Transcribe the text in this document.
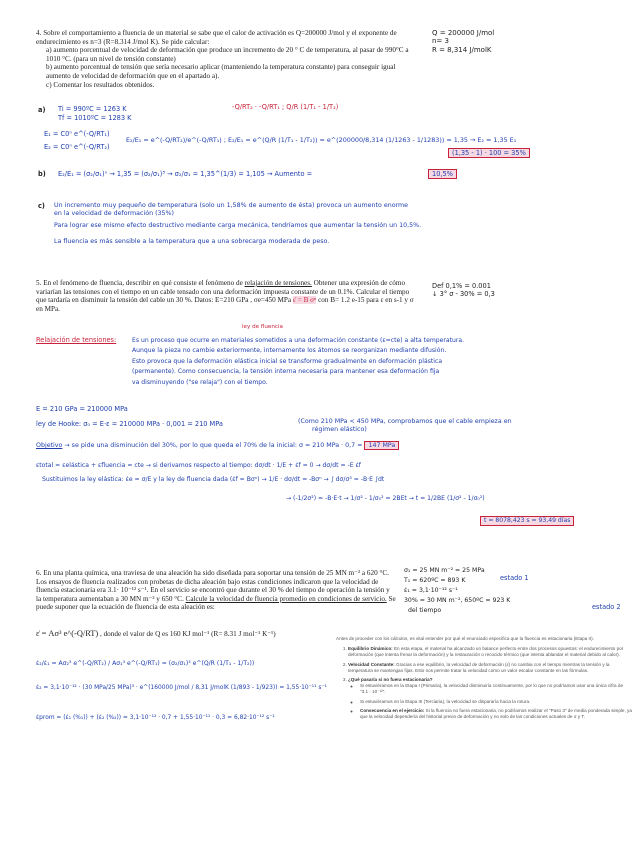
4. Sobre el comportamiento a fluencia de un material se sabe que el calor de activación es Q=200000 J/mol y el exponente de endurecimiento es n=3 (R=8.314 J/mol K). Se pide calcular:
a) aumento porcentual de velocidad de deformación que produce un incremento de 20 ° C de temperatura, al pasar de 990°C a 1010 °C. (para un nivel de tensión constante)
b) aumento porcentual de tensión que sería necesario aplicar (manteniendo la temperatura constante) para conseguir igual aumento de velocidad de deformación que en el apartado a).
c) Comentar los resultados obtenidos.
Q = 200000 J/mol
n= 3
R = 8,314 J/molK
a) Ti = 990ºC = 1263 K
Tf = 1010ºC = 1283 K
-Q/RT₂ · -Q/RT₁ ; Q/R (1/T₁ - 1/T₂)
E₁ = C0ⁿ e^(-Q/RT₁)
E₂ = C0ⁿ e^(-Q/RT₂)
E₂/E₁ = e^(-Q/RT₂)/e^(-Q/RT₁) ; E₂/E₁ = e^(Q/R (1/T₁ - 1/T₂)) = e^(200000/8,314 (1/1263 - 1/1283)) = 1,35 → E₂ = 1,35 E₁
(1,35 - 1) · 100 = 35%
b) E₂/E₁ = (σ₂/σ₁)ⁿ → 1,35 = (σ₂/σ₁)³ → σ₂/σ₁ = 1,35^(1/3) = 1,105 → Aumento =	10,5%
c) Un incremento muy pequeño de temperatura (solo un 1,58% de aumento de ésta) provoca un aumento enorme
en la velocidad de deformación (35%)
Para lograr ese mismo efecto destructivo mediante carga mecánica, tendríamos que aumentar la tensión un 10,5%.
La fluencia es más sensible a la temperatura que a una sobrecarga moderada de peso.
5. En el fenómeno de fluencia, describir en qué consiste el fenómeno de relajación de tensiones. Obtener una expresión de cómo variarían las tensiones con el tiempo en un cable tensado con una deformación impuesta constante de un 0.1%. Calcular el tiempo que tardaría en disminuir la tensión del cable un 30 %. Datos: E=210 GPa , σe=450 MPa ε̇ = B σⁿ con B= 1.2 e-15 para ε en s-1 y σ en MPa.
ley de fluencia
Def 0,1% = 0.001
↓ 3° σ - 30% = 0,3
Relajación de tensiones:	Es un proceso que ocurre en materiales sometidos a una deformación constante (ε=cte) a alta temperatura.
Aunque la pieza no cambie exteriormente, internamente los átomos se reorganizan mediante difusión.
Esto provoca que la deformación elástica inicial se transforme gradualmente en deformación plástica
(permanente). Como consecuencia, la tensión interna necesaria para mantener esa deformación fija
va disminuyendo ("se relaja") con el tiempo.
E = 210 GPa = 210000 MPa
ley de Hooke: σ₀ = E·ε = 210000 MPa · 0,001 = 210 MPa	(Como 210 MPa < 450 MPa, comprobamos que el cable empieza en
régimen elástico)
Objetivo → se pide una disminución del 30%, por lo que queda el 70% de la inicial: σ = 210 MPa · 0,7 = 147 MPa
εtotal = εelástica + εfluencia = cte → si derivamos respecto al tiempo: dσ/dt · 1/E + ε̇f = 0 → dσ/dt = -E ε̇f
Sustituimos la ley elástica: ε̇e = σ/E y la ley de fluencia dada (ε̇f = Bσⁿ) → 1/E · dσ/dt = -Bσⁿ → ∫ dσ/σ³ = -B·E ∫dt
→ (-1/2σ²) = -B·E·t → 1/σ² - 1/σ₀² = 2BEt → t = 1/2BE (1/σ² - 1/σ₀²)
t = 8078,423 s = 93,49 días
6. En una planta química, una traviesa de una aleación ha sido diseñada para soportar una tensión de 25 MN m⁻² a 620 °C. Los ensayos de fluencia realizados con probetas de dicha aleación bajo estas condiciones indicaron que la velocidad de fluencia estacionaria era 3.1· 10⁻¹² s⁻¹. En el servicio se encontró que durante el 30 % del tiempo de operación la tensión y la temperatura aumentaban a 30 MN m⁻² y 650 °C. Calcule la velocidad de fluencia promedio en condiciones de servicio. Se puede suponer que la ecuación de fluencia de esta aleación es:
ε̇ = Aσ³ e^(-Q/RT) , donde el valor de Q es 160 KJ mol⁻¹ (R= 8.31 J mol⁻¹ K⁻¹)
σ₁ = 25 MN m⁻² = 25 MPa
T₁ = 620ºC = 893 K
ε̇₁ = 3,1·10⁻¹² s⁻¹
30% = 30 MN m⁻², 650ºC = 923 K
del tiempo
estado 1
estado 2
ε̇₂/ε̇₁ = Aσ₂³ e^(-Q/RT₂) / Aσ₁³ e^(-Q/RT₁) = (σ₂/σ₁)³ e^(Q/R (1/T₁ - 1/T₂))
ε̇₂ = 3,1·10⁻¹² · (30 MPa/25 MPa)³ · e^(160000 J/mol / 8,31 J/molK (1/893 - 1/923)) = 1,55·10⁻¹¹ s⁻¹
ε̇prom = (ε̇₁ (%₁)) + (ε̇₂ (%₂)) = 3,1·10⁻¹² · 0,7 + 1,55·10⁻¹¹ · 0,3 = 6,82·10⁻¹² s⁻¹

Antes de proceder con los cálculos, es vital entender por qué el enunciado especifica que la fluencia es estacionaria (Etapa II).

1. Equilibrio Dinámico: En esta etapa, el material ha alcanzado un balance perfecto entre dos procesos opuestos: el endurecimiento por deformación (que intenta frenar la deformación) y la restauración o recocido térmico (que intenta ablandar el material debido al calor).
2. Velocidad Constante: Gracias a ese equilibrio, la velocidad de deformación (ε̇) no cambia con el tiempo mientras la tensión y la temperatura se mantengan fijas. Esto nos permite tratar la velocidad como un valor escalar constante en las fórmulas.
3. ¿Qué pasaría si no fuera estacionaria?
◦ Si estuviéramos en la Etapa I (Primaria), la velocidad disminuiría continuamente, por lo que no podríamos usar una única cifra de "3.1 · 10⁻¹²".
◦ Si estuviéramos en la Etapa III (Terciaria), la velocidad se dispararía hacia la rotura.
◦ Consecuencia en el ejercicio: Si la fluencia no fuera estacionaria, no podríamos realizar el "Paso 3" de media ponderada simple, ya que la velocidad dependería del historial previo de deformación y no solo de las condiciones actuales de σ y T.
